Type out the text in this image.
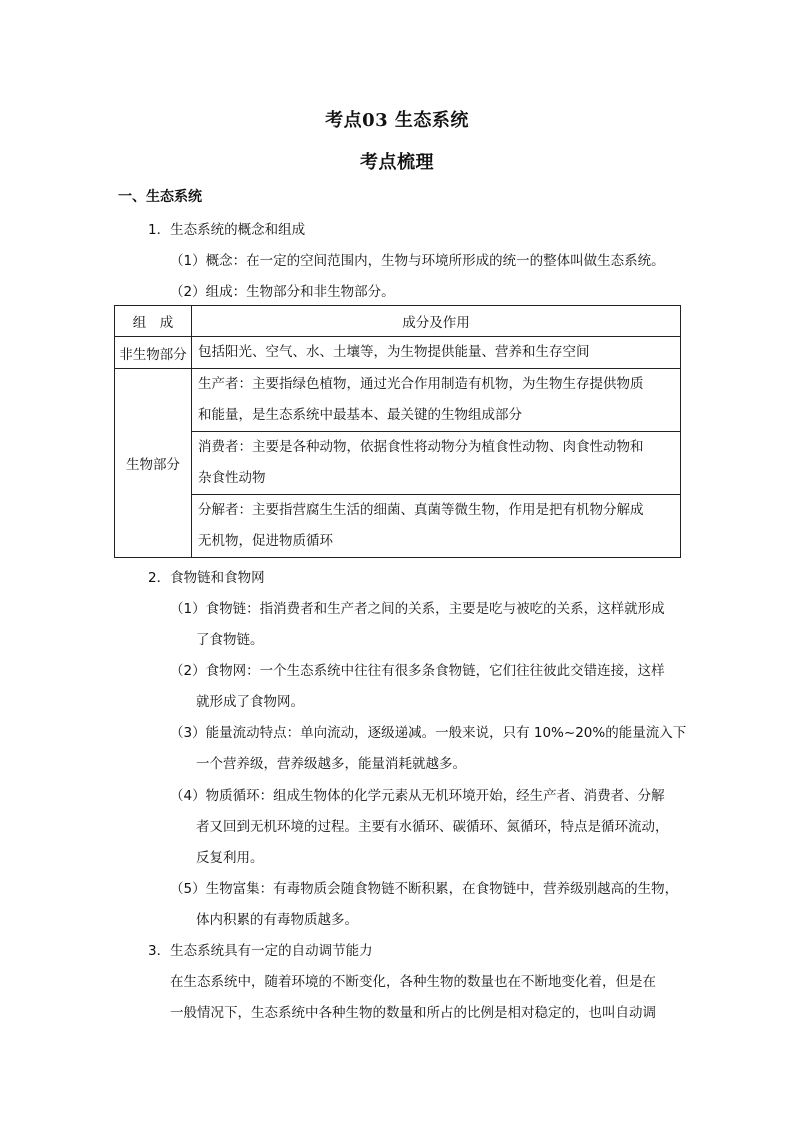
考点03 生态系统
考点梳理
一、生态系统
1．生态系统的概念和组成
（1）概念：在一定的空间范围内，生物与环境所形成的统一的整体叫做生态系统。
（2）组成：生物部分和非生物部分。
组　成	成分及作用
非生物部分	包括阳光、空气、水、土壤等，为生物提供能量、营养和生存空间

生物部分	生产者：主要指绿色植物，通过光合作用制造有机物，为生物生存提供物质
和能量，是生态系统中最基本、最关键的生物组成部分

	消费者：主要是各种动物，依据食性将动物分为植食性动物、肉食性动物和
杂食性动物

	分解者：主要指营腐生生活的细菌、真菌等微生物，作用是把有机物分解成
无机物，促进物质循环
2．食物链和食物网
（1）食物链：指消费者和生产者之间的关系，主要是吃与被吃的关系，这样就形成
了食物链。
（2）食物网：一个生态系统中往往有很多条食物链，它们往往彼此交错连接，这样
就形成了食物网。
（3）能量流动特点：单向流动，逐级递减。一般来说，只有 10%~20%的能量流入下
一个营养级，营养级越多，能量消耗就越多。
（4）物质循环：组成生物体的化学元素从无机环境开始，经生产者、消费者、分解
者又回到无机环境的过程。主要有水循环、碳循环、氮循环，特点是循环流动，
反复利用。
（5）生物富集：有毒物质会随食物链不断积累，在食物链中，营养级别越高的生物，
体内积累的有毒物质越多。
3．生态系统具有一定的自动调节能力
在生态系统中，随着环境的不断变化，各种生物的数量也在不断地变化着，但是在
一般情况下，生态系统中各种生物的数量和所占的比例是相对稳定的，也叫自动调
